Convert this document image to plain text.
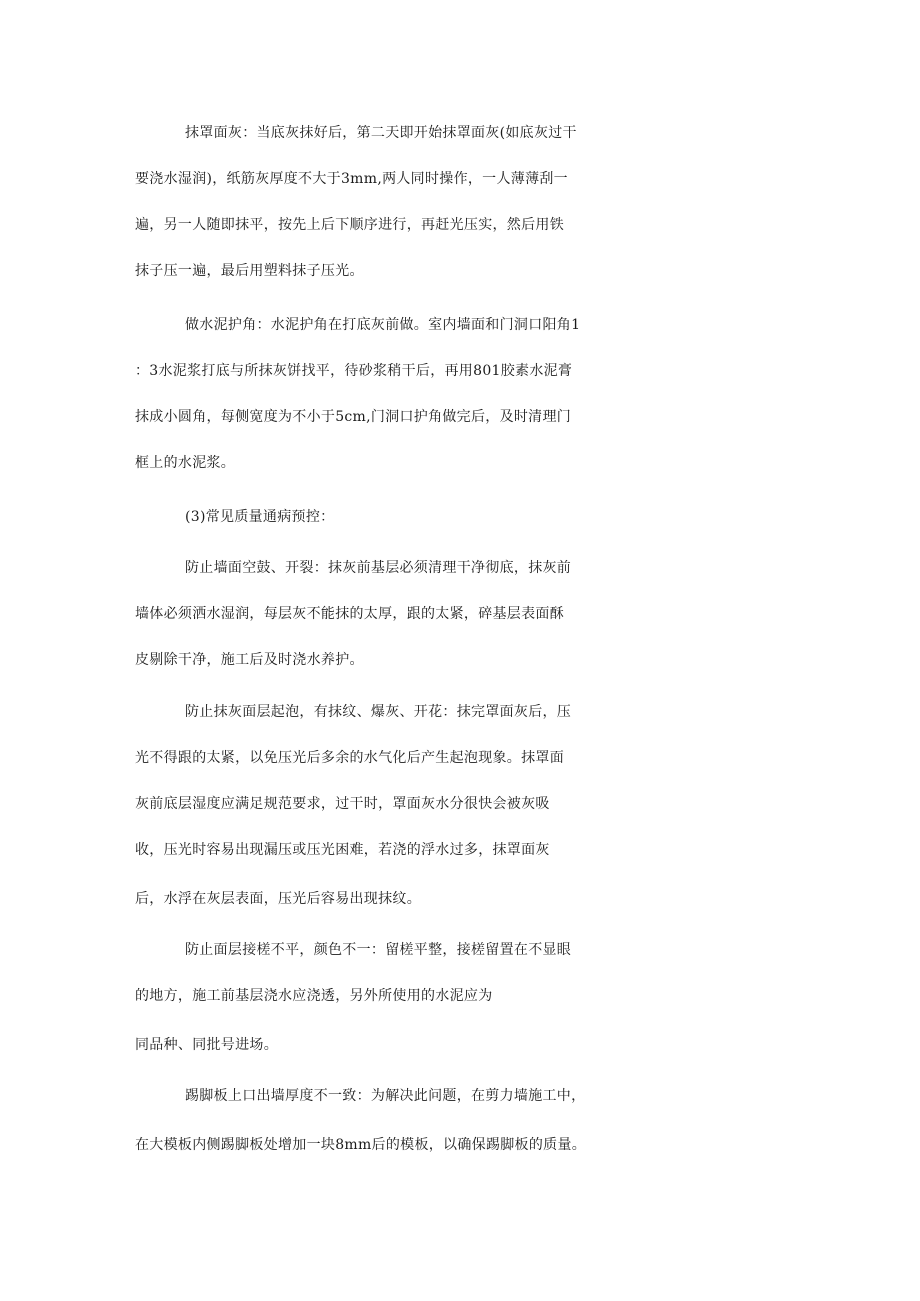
抹罩面灰：当底灰抹好后，第二天即开始抹罩面灰(如底灰过干
要浇水湿润)，纸筋灰厚度不大于3mm,两人同时操作，一人薄薄刮一
遍，另一人随即抹平，按先上后下顺序进行，再赶光压实，然后用铁
抹子压一遍，最后用塑料抹子压光。
做水泥护角：水泥护角在打底灰前做。室内墙面和门洞口阳角1
：3水泥浆打底与所抹灰饼找平，待砂浆稍干后，再用801胶素水泥膏
抹成小圆角，每侧宽度为不小于5cm,门洞口护角做完后，及时清理门
框上的水泥浆。
(3)常见质量通病预控：
防止墙面空鼓、开裂：抹灰前基层必须清理干净彻底，抹灰前
墙体必须洒水湿润，每层灰不能抹的太厚，跟的太紧，碎基层表面酥
皮剔除干净，施工后及时浇水养护。
防止抹灰面层起泡，有抹纹、爆灰、开花：抹完罩面灰后，压
光不得跟的太紧，以免压光后多余的水气化后产生起泡现象。抹罩面
灰前底层湿度应满足规范要求，过干时，罩面灰水分很快会被灰吸
收，压光时容易出现漏压或压光困难，若浇的浮水过多，抹罩面灰
后，水浮在灰层表面，压光后容易出现抹纹。
防止面层接槎不平，颜色不一：留槎平整，接槎留置在不显眼
的地方，施工前基层浇水应浇透，另外所使用的水泥应为
同品种、同批号进场。
踢脚板上口出墙厚度不一致：为解决此问题，在剪力墙施工中，
在大模板内侧踢脚板处增加一块8mm后的模板，以确保踢脚板的质量。
